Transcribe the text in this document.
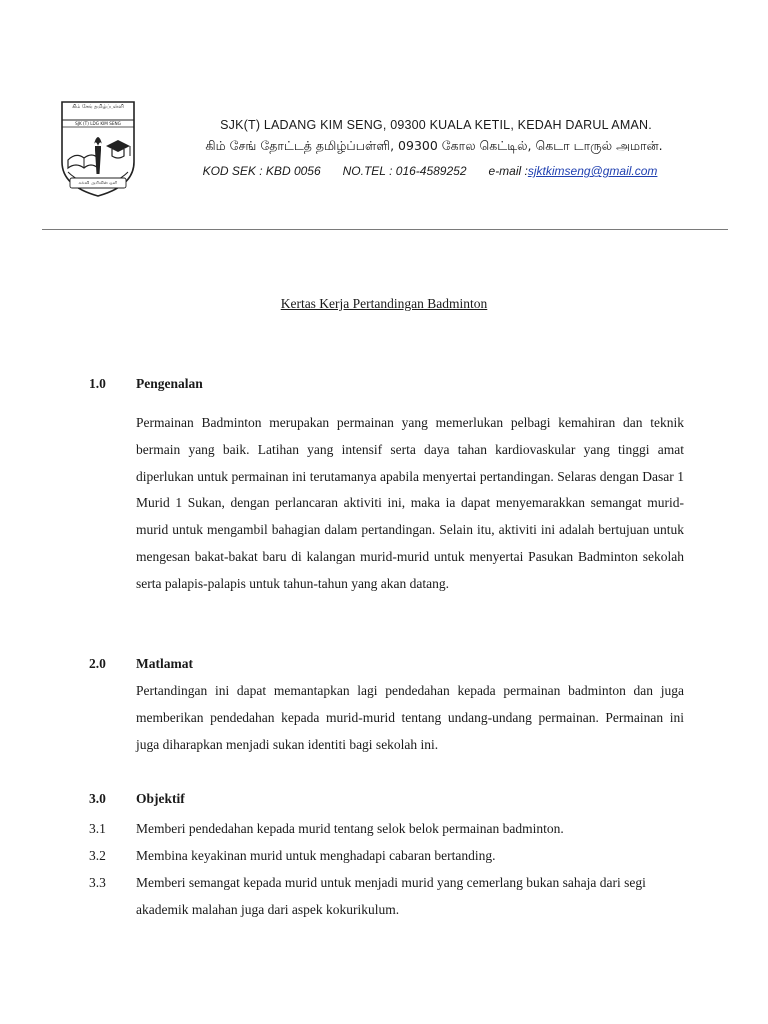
கிம் சேங் தமிழ்ப்பள்ளி
SJK (T) LDG KIM SENG
கல்வி அறிவின் ஒளி
SJK(T) LADANG KIM SENG, 09300 KUALA KETIL, KEDAH DARUL AMAN.
கிம் சேங் தோட்டத் தமிழ்ப்பள்ளி, 09300 கோல கெட்டில், கெடா டாருல் அமான்.
KOD SEK : KBD 0056 NO.TEL : 016-4589252 e-mail :sjktkimseng@gmail.com
Kertas Kerja Pertandingan Badminton
1.0 Pengenalan
Permainan Badminton merupakan permainan yang memerlukan pelbagi kemahiran dan teknik bermain yang baik. Latihan yang intensif serta daya tahan kardiovaskular yang tinggi amat diperlukan untuk permainan ini terutamanya apabila menyertai pertandingan. Selaras dengan Dasar 1 Murid 1 Sukan, dengan perlancaran aktiviti ini, maka ia dapat menyemarakkan semangat murid-murid untuk mengambil bahagian dalam pertandingan. Selain itu, aktiviti ini adalah bertujuan untuk mengesan bakat-bakat baru di kalangan murid-murid untuk menyertai Pasukan Badminton sekolah serta palapis-palapis untuk tahun-tahun yang akan datang.
2.0 Matlamat
Pertandingan ini dapat memantapkan lagi pendedahan kepada permainan badminton dan juga memberikan pendedahan kepada murid-murid tentang undang-undang permainan. Permainan ini juga diharapkan menjadi sukan identiti bagi sekolah ini.
3.0 Objektif
3.1	Memberi pendedahan kepada murid tentang selok belok permainan badminton.
3.2	Membina keyakinan murid untuk menghadapi cabaran bertanding.
3.3	Memberi semangat kepada murid untuk menjadi murid yang cemerlang bukan sahaja dari segi akademik malahan juga dari aspek kokurikulum.
